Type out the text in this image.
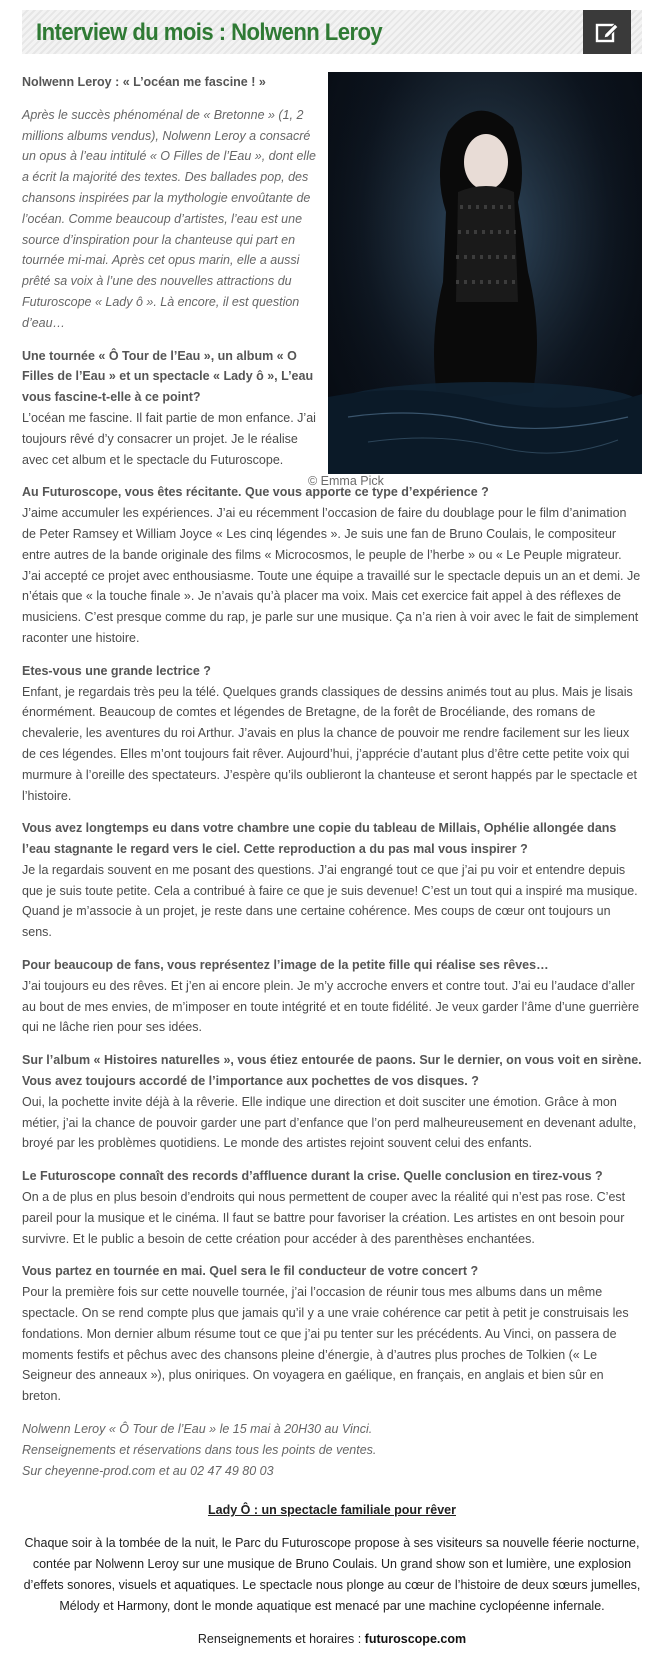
Interview du mois : Nolwenn Leroy
Nolwenn Leroy : « L’océan me fascine ! »
Après le succès phénoménal de « Bretonne » (1, 2 millions albums vendus), Nolwenn Leroy a consacré un opus à l’eau intitulé « O Filles de l’Eau », dont elle a écrit la majorité des textes. Des ballades pop, des chansons inspirées par la mythologie envoûtante de l’océan. Comme beaucoup d’artistes, l’eau est une source d’inspiration pour la chanteuse qui part en tournée mi-mai. Après cet opus marin, elle a aussi prêté sa voix à l’une des nouvelles attractions du Futuroscope « Lady ô ». Là encore, il est question d’eau…
Une tournée « Ô Tour de l’Eau », un album « O Filles de l’Eau » et un spectacle « Lady ô », L’eau vous fascine-t-elle à ce point?
L’océan me fascine. Il fait partie de mon enfance. J’ai toujours rêvé d’y consacrer un projet. Je le réalise avec cet album et le spectacle du Futuroscope.
Au Futuroscope, vous êtes récitante. Que vous apporte ce type d’expérience ?
J’aime accumuler les expériences. J’ai eu récemment l’occasion de faire du doublage pour le film d’animation de Peter Ramsey et William Joyce « Les cinq légendes ». Je suis une fan de Bruno Coulais, le compositeur entre autres de la bande originale des films « Microcosmos, le peuple de l’herbe » ou « Le Peuple migrateur. J’ai accepté ce projet avec enthousiasme. Toute une équipe a travaillé sur le spectacle depuis un an et demi. Je n’étais que « la touche finale ». Je n’avais qu’à placer ma voix. Mais cet exercice fait appel à des réflexes de musiciens. C’est presque comme du rap, je parle sur une musique. Ça n’a rien à voir avec le fait de simplement raconter une histoire.
Etes-vous une grande lectrice ?
Enfant, je regardais très peu la télé. Quelques grands classiques de dessins animés tout au plus. Mais je lisais énormément. Beaucoup de comtes et légendes de Bretagne, de la forêt de Brocéliande, des romans de chevalerie, les aventures du roi Arthur. J’avais en plus la chance de pouvoir me rendre facilement sur les lieux de ces légendes. Elles m’ont toujours fait rêver. Aujourd’hui, j’apprécie d’autant plus d’être cette petite voix qui murmure à l’oreille des spectateurs. J’espère qu’ils oublieront la chanteuse et seront happés par le spectacle et l’histoire.
Vous avez longtemps eu dans votre chambre une copie du tableau de Millais, Ophélie allongée dans l’eau stagnante le regard vers le ciel. Cette reproduction a du pas mal vous inspirer ?
Je la regardais souvent en me posant des questions. J’ai engrangé tout ce que j’ai pu voir et entendre depuis que je suis toute petite. Cela a contribué à faire ce que je suis devenue! C’est un tout qui a inspiré ma musique. Quand je m’associe à un projet, je reste dans une certaine cohérence. Mes coups de cœur ont toujours un sens.
Pour beaucoup de fans, vous représentez l’image de la petite fille qui réalise ses rêves…
J’ai toujours eu des rêves. Et j’en ai encore plein. Je m’y accroche envers et contre tout. J’ai eu l’audace d’aller au bout de mes envies, de m’imposer en toute intégrité et en toute fidélité. Je veux garder l’âme d’une guerrière qui ne lâche rien pour ses idées.
Sur l’album « Histoires naturelles », vous étiez entourée de paons. Sur le dernier, on vous voit en sirène. Vous avez toujours accordé de l’importance aux pochettes de vos disques. ?
Oui, la pochette invite déjà à la rêverie. Elle indique une direction et doit susciter une émotion. Grâce à mon métier, j’ai la chance de pouvoir garder une part d’enfance que l’on perd malheureusement en devenant adulte, broyé par les problèmes quotidiens. Le monde des artistes rejoint souvent celui des enfants.
Le Futuroscope connaît des records d’affluence durant la crise. Quelle conclusion en tirez-vous ?
On a de plus en plus besoin d’endroits qui nous permettent de couper avec la réalité qui n’est pas rose. C’est pareil pour la musique et le cinéma. Il faut se battre pour favoriser la création. Les artistes en ont besoin pour survivre. Et le public a besoin de cette création pour accéder à des parenthèses enchantées.
Vous partez en tournée en mai. Quel sera le fil conducteur de votre concert ?
Pour la première fois sur cette nouvelle tournée, j’ai l’occasion de réunir tous mes albums dans un même spectacle. On se rend compte plus que jamais qu’il y a une vraie cohérence car petit à petit je construisais les fondations. Mon dernier album résume tout ce que j’ai pu tenter sur les précédents. Au Vinci, on passera de moments festifs et pêchus avec des chansons pleine d’énergie, à d’autres plus proches de Tolkien (« Le Seigneur des anneaux »), plus oniriques. On voyagera en gaélique, en français, en anglais et bien sûr en breton.
Nolwenn Leroy « Ô Tour de l’Eau » le 15 mai à 20H30 au Vinci.
Renseignements et réservations dans tous les points de ventes.
Sur cheyenne-prod.com et au 02 47 49 80 03
© Emma Pick
Lady Ô : un spectacle familiale pour rêver
Chaque soir à la tombée de la nuit, le Parc du Futuroscope propose à ses visiteurs sa nouvelle féerie nocturne, contée par Nolwenn Leroy sur une musique de Bruno Coulais. Un grand show son et lumière, une explosion d’effets sonores, visuels et aquatiques. Le spectacle nous plonge au cœur de l’histoire de deux sœurs jumelles, Mélody et Harmony, dont le monde aquatique est menacé par une machine cyclopéenne infernale.
Renseignements et horaires : futuroscope.com
